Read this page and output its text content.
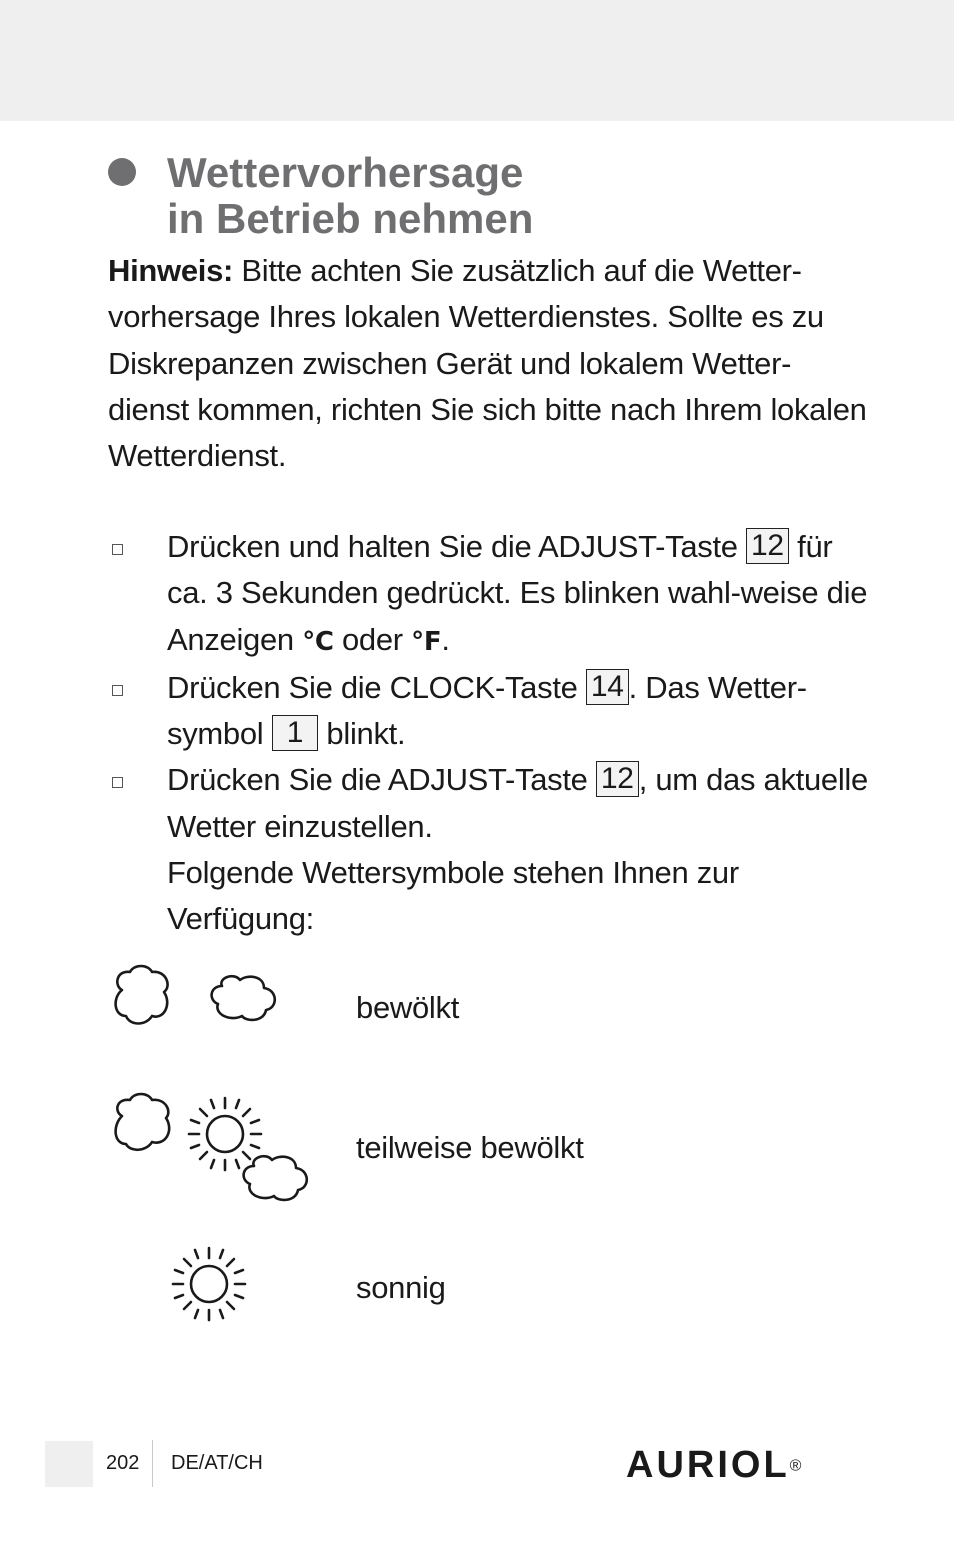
Wettervorhersage
in Betrieb nehmen

Hinweis: Bitte achten Sie zusätzlich auf die Wetter-vorhersage Ihres lokalen Wetterdienstes. Sollte es zu Diskrepanzen zwischen Gerät und lokalem Wetter-dienst kommen, richten Sie sich bitte nach Ihrem lokalen Wetterdienst.

Drücken und halten Sie die ADJUST-Taste 12 für ca. 3 Sekunden gedrückt. Es blinken wahl-weise die Anzeigen °C oder °F.
Drücken Sie die CLOCK-Taste 14 . Das Wetter-symbol 1 blinkt.
Drücken Sie die ADJUST-Taste 12 , um das aktuelle Wetter einzustellen.
Folgende Wettersymbole stehen Ihnen zur Verfügung:
bewölkt
teilweise bewölkt
sonnig
202 DE/AT/CH	AURIOL®
